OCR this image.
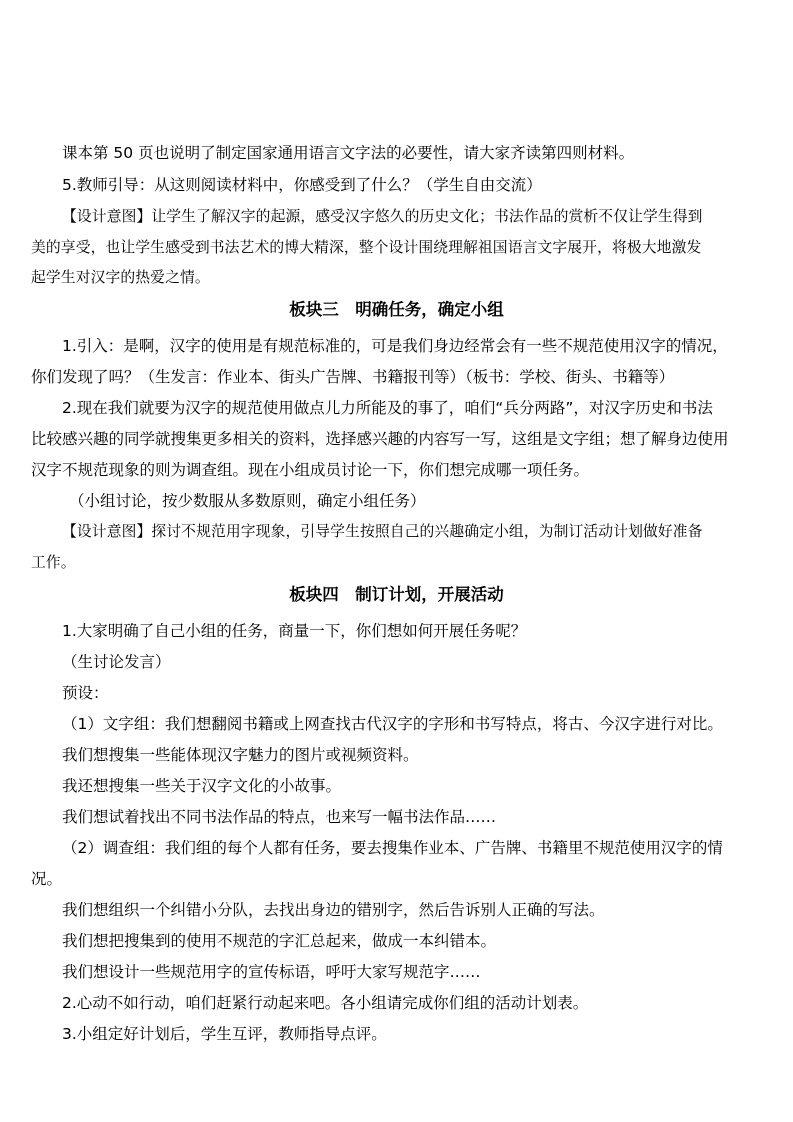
课本第 50 页也说明了制定国家通用语言文字法的必要性，请大家齐读第四则材料。
5.教师引导：从这则阅读材料中，你感受到了什么？（学生自由交流）
【设计意图】让学生了解汉字的起源，感受汉字悠久的历史文化；书法作品的赏析不仅让学生得到
美的享受，也让学生感受到书法艺术的博大精深，整个设计围绕理解祖国语言文字展开，将极大地激发
起学生对汉字的热爱之情。
板块三　明确任务，确定小组
1.引入：是啊，汉字的使用是有规范标准的，可是我们身边经常会有一些不规范使用汉字的情况，
你们发现了吗？（生发言：作业本、街头广告牌、书籍报刊等）（板书：学校、街头、书籍等）
2.现在我们就要为汉字的规范使用做点儿力所能及的事了，咱们“兵分两路”，对汉字历史和书法
比较感兴趣的同学就搜集更多相关的资料，选择感兴趣的内容写一写，这组是文字组；想了解身边使用
汉字不规范现象的则为调查组。现在小组成员讨论一下，你们想完成哪一项任务。
（小组讨论，按少数服从多数原则，确定小组任务）
【设计意图】探讨不规范用字现象，引导学生按照自己的兴趣确定小组，为制订活动计划做好准备
工作。
板块四　制订计划，开展活动
1.大家明确了自己小组的任务，商量一下，你们想如何开展任务呢？
（生讨论发言）
预设：
（1）文字组：我们想翻阅书籍或上网查找古代汉字的字形和书写特点，将古、今汉字进行对比。
我们想搜集一些能体现汉字魅力的图片或视频资料。
我还想搜集一些关于汉字文化的小故事。
我们想试着找出不同书法作品的特点，也来写一幅书法作品……
（2）调查组：我们组的每个人都有任务，要去搜集作业本、广告牌、书籍里不规范使用汉字的情
况。
我们想组织一个纠错小分队，去找出身边的错别字，然后告诉别人正确的写法。
我们想把搜集到的使用不规范的字汇总起来，做成一本纠错本。
我们想设计一些规范用字的宣传标语，呼吁大家写规范字……
2.心动不如行动，咱们赶紧行动起来吧。各小组请完成你们组的活动计划表。
3.小组定好计划后，学生互评，教师指导点评。
